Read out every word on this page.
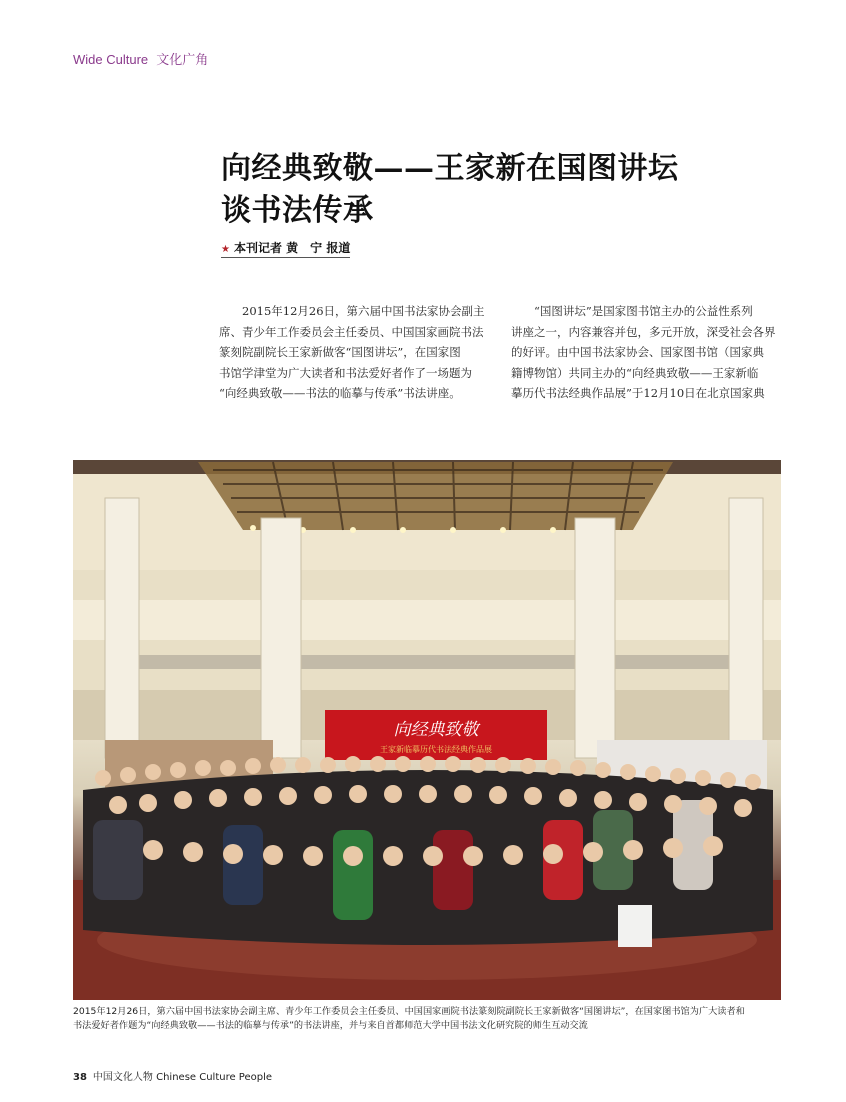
Wide Culture 文化广角
向经典致敬——王家新在国图讲坛
谈书法传承
★ 本刊记者 黄　宁 报道
　　2015年12月26日，第六届中国书法家协会副主
席、青少年工作委员会主任委员、中国国家画院书法
篆刻院副院长王家新做客“国图讲坛”，在国家图
书馆学津堂为广大读者和书法爱好者作了一场题为
“向经典致敬——书法的临摹与传承”书法讲座。
　　“国图讲坛”是国家图书馆主办的公益性系列
讲座之一，内容兼容并包，多元开放，深受社会各界
的好评。由中国书法家协会、国家图书馆（国家典
籍博物馆）共同主办的“向经典致敬——王家新临
摹历代书法经典作品展”于12月10日在北京国家典
向经典致敬
王家新临摹历代书法经典作品展
2015年12月26日，第六届中国书法家协会副主席、青少年工作委员会主任委员、中国国家画院书法篆刻院副院长王家新做客“国图讲坛”，在国家图书馆为广大读者和
书法爱好者作题为“向经典致敬——书法的临摹与传承”的书法讲座，并与来自首都师范大学中国书法文化研究院的师生互动交流
38 中国文化人物 Chinese Culture People
